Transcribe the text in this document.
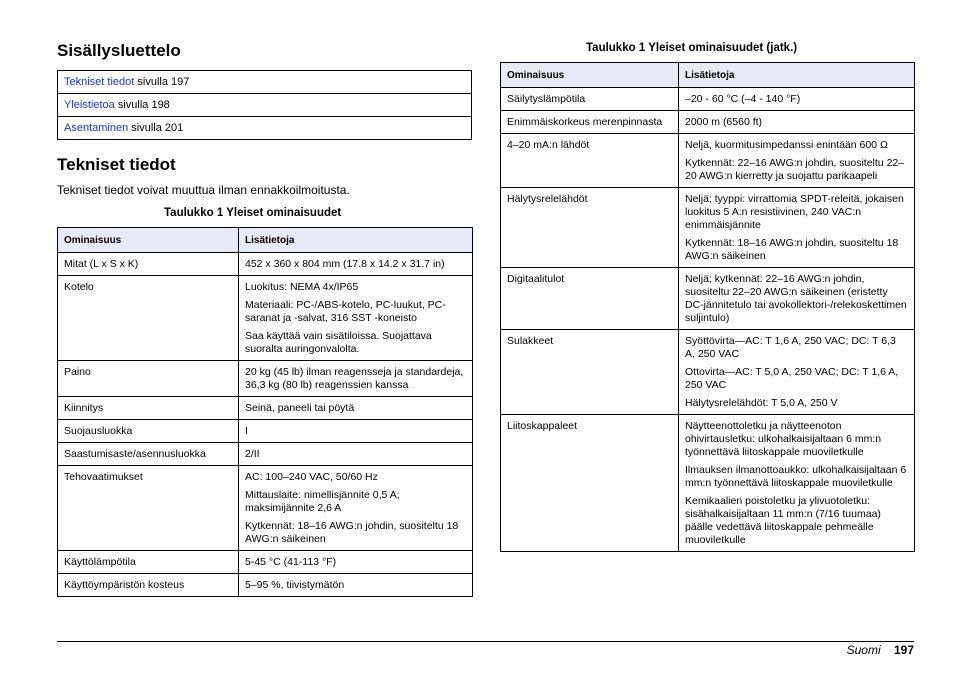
Sisällysluettelo
Tekniset tiedot sivulla 197
Yleistietoa sivulla 198
Asentaminen sivulla 201
Tekniset tiedot
Tekniset tiedot voivat muuttua ilman ennakkoilmoitusta.
Taulukko 1 Yleiset ominaisuudet
Ominaisuus	Lisätietoja
Mitat (L x S x K)	452 x 360 x 804 mm (17.8 x 14.2 x 31.7 in)

Kotelo	Luokitus: NEMA 4x/IP65

Materiaali: PC-/ABS-kotelo, PC-luukut, PC-saranat ja -salvat, 316 SST -koneisto

Saa käyttää vain sisätiloissa. Suojattava suoralta auringonvalolta.

Paino	20 kg (45 lb) ilman reagensseja ja standardeja, 36,3 kg (80 lb) reagenssien kanssa

Kiinnitys	Seinä, paneeli tai pöytä

Suojausluokka	I

Saastumisaste/asennusluokka	2/II

Tehovaatimukset	AC: 100–240 VAC, 50/60 Hz

Mittauslaite: nimellisjännite 0,5 A; maksimijännite 2,6 A

Kytkennät: 18–16 AWG:n johdin, suositeltu 18 AWG:n säikeinen

Käyttölämpötila	5-45 °C (41-113 °F)

Käyttöympäristön kosteus	5–95 %, tiivistymätön

Taulukko 1 Yleiset ominaisuudet (jatk.)
Ominaisuus	Lisätietoja
Säilytyslämpötila	–20 - 60 °C (–4 - 140 °F)

Enimmäiskorkeus merenpinnasta	2000 m (6560 ft)

4–20 mA:n lähdöt	Neljä, kuormitusimpedanssi enintään 600 Ω

Kytkennät: 22–16 AWG:n johdin, suositeltu 22–20 AWG:n kierretty ja suojattu parikaapeli

Hälytysrelelähdöt	Neljä; tyyppi: virrattomia SPDT-releitä, jokaisen luokitus 5 A:n resistiivinen, 240 VAC:n enimmäisjännite

Kytkennät: 18–16 AWG:n johdin, suositeltu 18 AWG:n säikeinen

Digitaalitulot	Neljä; kytkennät: 22–16 AWG:n johdin, suositeltu 22–20 AWG:n säikeinen (eristetty DC-jännitetulo tai avokollektori-/relekoskettimen suljintulo)

Sulakkeet	Syöttövirta—AC: T 1,6 A, 250 VAC; DC: T 6,3 A, 250 VAC

Ottovirta—AC: T 5,0 A, 250 VAC; DC: T 1,6 A, 250 VAC

Hälytysrelelähdöt: T 5,0 A, 250 V

Liitoskappaleet	Näytteenottoletku ja näytteenoton ohivirtausletku: ulkohalkaisijaltaan 6 mm:n työnnettävä liitoskappale muoviletkulle

Ilmauksen ilmanottoaukko: ulkohalkaisijaltaan 6 mm:n työnnettävä liitoskappale muoviletkulle

Kemikaalien poistoletku ja ylivuotoletku: sisähalkaisijaltaan 11 mm:n (7/16 tuumaa) päälle vedettävä liitoskappale pehmeälle muoviletkulle

Suomi 197
